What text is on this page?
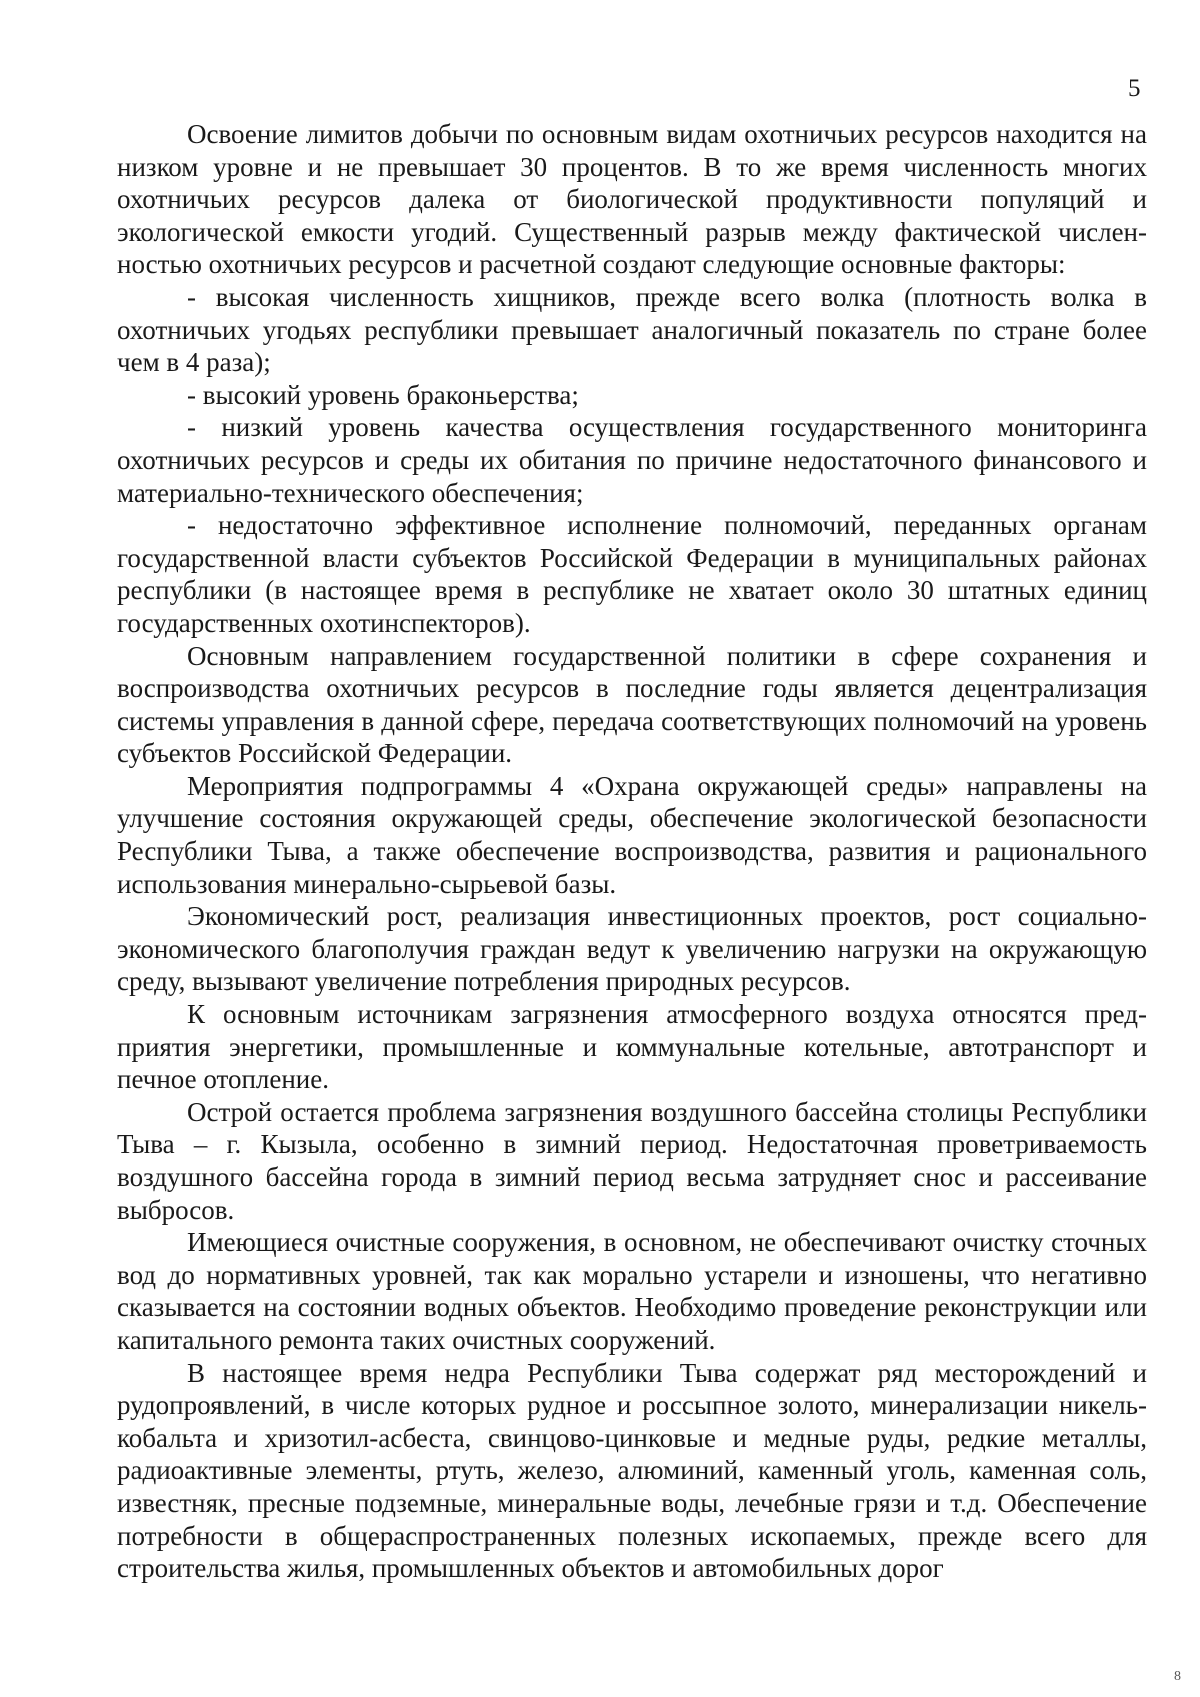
5

Освоение лимитов добычи по основным видам охотничьих ресурсов находится на низком уровне и не превышает 30 процентов. В то же время численность многих охотничьих ресурсов далека от биологической продуктивности популяций и экологической емкости угодий. Существенный разрыв между фактической численностью охотничьих ресурсов и расчетной создают следующие основные факторы:

- высокая численность хищников, прежде всего волка (плотность волка в охотничьих угодьях республики превышает аналогичный показатель по стране более чем в 4 раза);

- высокий уровень браконьерства;

- низкий уровень качества осуществления государственного мониторинга охотничьих ресурсов и среды их обитания по причине недостаточного финансового и материально-технического обеспечения;

- недостаточно эффективное исполнение полномочий, переданных органам государственной власти субъектов Российской Федерации в муниципальных районах республики (в настоящее время в республике не хватает около 30 штатных единиц государственных охотинспекторов).

Основным направлением государственной политики в сфере сохранения и воспроизводства охотничьих ресурсов в последние годы является децентрализация системы управления в данной сфере, передача соответствующих полномочий на уровень субъектов Российской Федерации.

Мероприятия подпрограммы 4 «Охрана окружающей среды» направлены на улучшение состояния окружающей среды, обеспечение экологической безопасности Республики Тыва, а также обеспечение воспроизводства, развития и рационального использования минерально-сырьевой базы.

Экономический рост, реализация инвестиционных проектов, рост социально-экономического благополучия граждан ведут к увеличению нагрузки на окружающую среду, вызывают увеличение потребления природных ресурсов.

К основным источникам загрязнения атмосферного воздуха относятся предприятия энергетики, промышленные и коммунальные котельные, автотранспорт и печное отопление.

Острой остается проблема загрязнения воздушного бассейна столицы Республики Тыва – г. Кызыла, особенно в зимний период. Недостаточная проветриваемость воздушного бассейна города в зимний период весьма затрудняет снос и рассеивание выбросов.

Имеющиеся очистные сооружения, в основном, не обеспечивают очистку сточных вод до нормативных уровней, так как морально устарели и изношены, что негативно сказывается на состоянии водных объектов. Необходимо проведение реконструкции или капитального ремонта таких очистных сооружений.

В настоящее время недра Республики Тыва содержат ряд месторождений и рудопроявлений, в числе которых рудное и россыпное золото, минерализации никель-кобальта и хризотил-асбеста, свинцово-цинковые и медные руды, редкие металлы, радиоактивные элементы, ртуть, железо, алюминий, каменный уголь, каменная соль, известняк, пресные подземные, минеральные воды, лечебные грязи и т.д. Обеспечение потребности в общераспространенных полезных ископаемых, прежде всего для строительства жилья, промышленных объектов и автомобильных дорог

8
